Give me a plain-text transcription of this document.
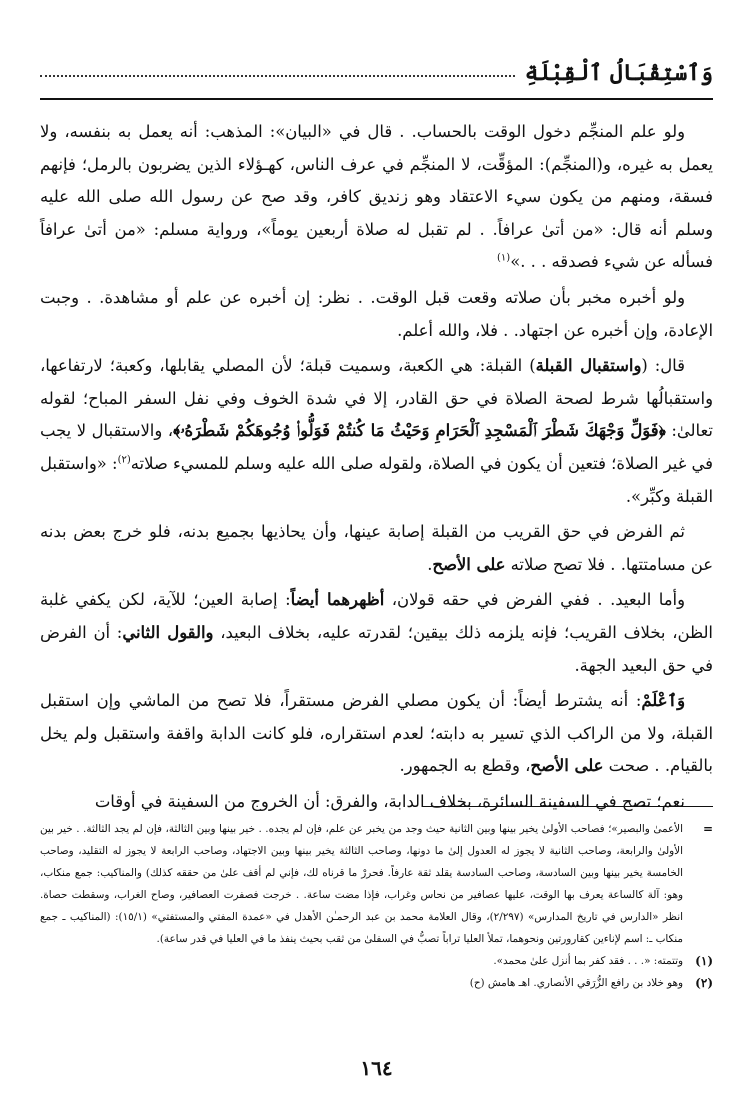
وَٱسْتِقْبَالُ ٱلْقِبْلَةِ

ولو علم المنجِّم دخول الوقت بالحساب. . قال في «البيان»: المذهب: أنه يعمل به بنفسه، ولا يعمل به غيره، و(المنجِّم): المؤقِّت، لا المنجِّم في عرف الناس، كهـؤلاء الذين يضربون بالرمل؛ فإنهم فسقة، ومنهم من يكون سيء الاعتقاد وهو زنديق كافر، وقد صح عن رسول الله صلى الله عليه وسلم أنه قال: «من أتىٰ عرافاً. . لم تقبل له صلاة أربعين يوماً»، ورواية مسلم: «من أتىٰ عرافاً فسأله عن شيء فصدقه . . .»$^{(١)}$

ولو أخبره مخبر بأن صلاته وقعت قبل الوقت. . نظر: إن أخبره عن علم أو مشاهدة. . وجبت الإعادة، وإن أخبره عن اجتهاد. . فلا، والله أعلم.

قال: (واستقبال القبلة) القبلة: هي الكعبة، وسميت قبلة؛ لأن المصلي يقابلها، وكعبة؛ لارتفاعها، واستقبالُها شرط لصحة الصلاة في حق القادر، إلا في شدة الخوف وفي نفل السفر المباح؛ لقوله تعالىٰ: ﴿فَوَلِّ وَجْهَكَ شَطْرَ ٱلْمَسْجِدِ ٱلْحَرَامِ وَحَيْثُ مَا كُنتُمْ فَوَلُّوا۟ وُجُوهَكُمْ شَطْرَهُۥ﴾، والاستقبال لا يجب في غير الصلاة؛ فتعين أن يكون في الصلاة، ولقوله صلى الله عليه وسلم للمسيء صلاته$^{(٢)}$: «واستقبل القبلة وكبِّر».

ثم الفرض في حق القريب من القبلة إصابة عينها، وأن يحاذيها بجميع بدنه، فلو خرج بعض بدنه عن مسامتتها. . فلا تصح صلاته على الأصح.

وأما البعيد. . ففي الفرض في حقه قولان، أظهرهما أيضاً: إصابة العين؛ للآية، لكن يكفي غلبة الظن، بخلاف القريب؛ فإنه يلزمه ذلك بيقين؛ لقدرته عليه، بخلاف البعيد، والقول الثاني: أن الفرض في حق البعيد الجهة.

وَٱعْلَمْ: أنه يشترط أيضاً: أن يكون مصلي الفرض مستقراً، فلا تصح من الماشي وإن استقبل القبلة، ولا من الراكب الذي تسير به دابته؛ لعدم استقراره، فلو كانت الدابة واقفة واستقبل ولم يخل بالقيام. . صحت على الأصح، وقطع به الجمهور.

نعم؛ تصح في السفينة السائرة، بخلاف الدابة، والفرق: أن الخروج من السفينة في أوقات

=
الأعمىٰ والبصير»؛ فصاحب الأولىٰ يخير بينها وبين الثانية حيث وجد من يخبر عن علم، فإن لم يجده. . خير بينها وبين الثالثة، فإن لم يجد الثالثة. . خير بين الأولىٰ والرابعة، وصاحب الثانية لا يجوز له العدول إلىٰ ما دونها، وصاحب الثالثة يخير بينها وبين الاجتهاد، وصاحب الرابعة لا يجوز له التقليد، وصاحب الخامسة يخير بينها وبين السادسة، وصاحب السادسة يقلد ثقة عارفاً. فحررْ ما قرناه لك، فإني لم أقف علىٰ من حققه كذلك) والمناكيب: جمع منكاب، وهو: آلة كالساعة يعرف بها الوقت، عليها عصافير من نحاس وغراب، فإذا مضت ساعة. . خرجت فصفرت العصافير، وصاح الغراب، وسقطت حصاة. انظر «الدارس في تاريخ المدارس» (٢/٢٩٧)، وقال العلامة محمد بن عبد الرحمـٰن الأهدل في «عمدة المفتي والمستفتي» (١٥/١): (المناكيب ـ جمع منكاب ـ: اسم لإناءين كقارورتين ونحوهما، تملأ العليا تراباً تصبُّ في السفلىٰ من ثقب بحيث ينفذ ما في العليا في قدر ساعة).
(١)
وتتمته: «. . . فقد كفر بما أنزل علىٰ محمد».
(٢)
وهو خلاد بن رافع الزُّرَقي الأنصاري. اهـ هامش (ح)
١٦٤
